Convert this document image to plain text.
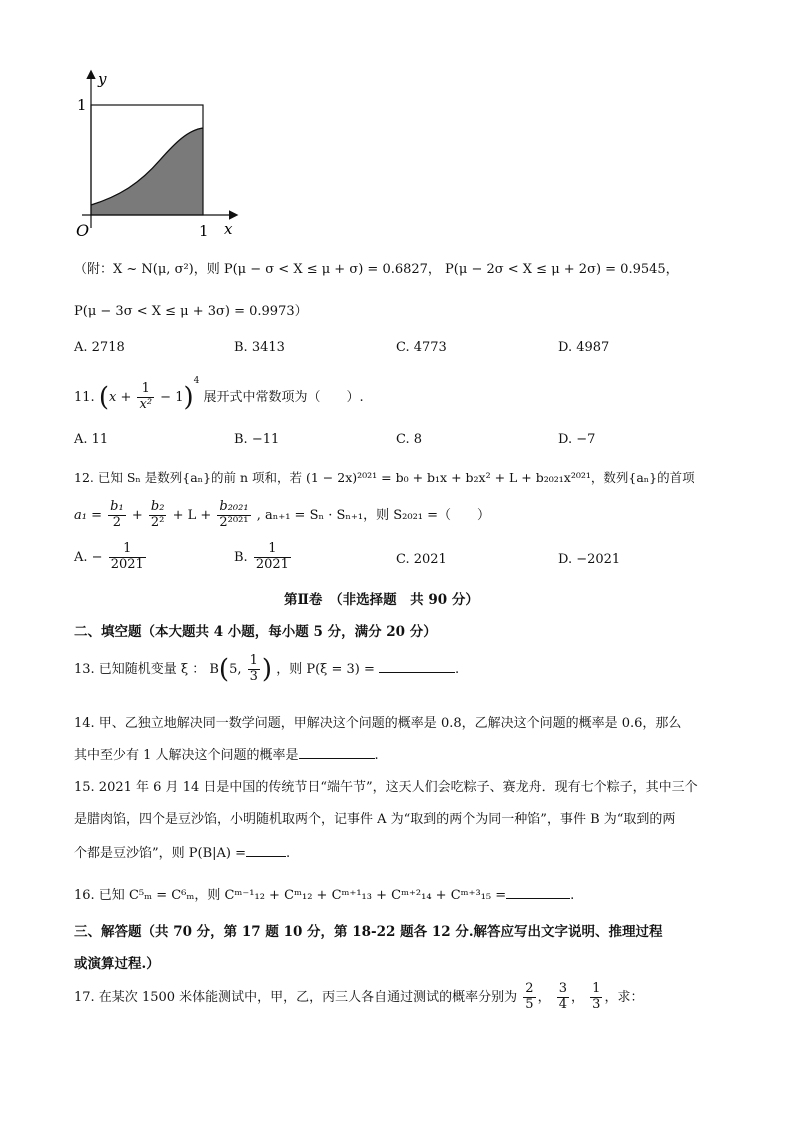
y
1
O	1 x
（附：X ~ N(μ, σ²)，则 P(μ − σ < X ≤ μ + σ) = 0.6827， P(μ − 2σ < X ≤ μ + 2σ) = 0.9545，
P(μ − 3σ < X ≤ μ + 3σ) = 0.9973）
A. 2718	B. 3413	C. 4773	D. 4987
11. $(x + \frac{1}{\text{x²}} - 1)^4$ 展开式中常数项为（　　）.
A. 11	B. −11	C. 8	D. −7
12. 已知 Sₙ 是数列{aₙ}的前 n 项和，若 (1 − 2x)²⁰²¹ = b₀ + b₁x + b₂x² + L + b₂₀₂₁x²⁰²¹，数列{aₙ}的首项
$a_1 = \frac{\text{b₁}}{2} + \frac{\text{b₂}}{\text{2²}} + L + \frac{\text{b₂₀₂₁}}{\text{2²⁰²¹}}$ , aₙ₊₁ = Sₙ · Sₙ₊₁，则 S₂₀₂₁ =（　　）
A. − $\frac{1}{2021}$	B. $\frac{1}{2021}$	C. 2021	D. −2021
第Ⅱ卷　（非选择题　共 90 分）
二、填空题（本大题共 4 小题，每小题 5 分，满分 20 分）
13. 已知随机变量 ξ ： B(5, $\frac{1}{3}$ ) ，则 P(ξ = 3) =	.
14. 甲、乙独立地解决同一数学问题，甲解决这个问题的概率是 0.8，乙解决这个问题的概率是 0.6，那么
其中至少有 1 人解决这个问题的概率是	.
15. 2021 年 6 月 14 日是中国的传统节日“端午节”，这天人们会吃粽子、赛龙舟．现有七个粽子，其中三个
是腊肉馅，四个是豆沙馅，小明随机取两个，记事件 A 为“取到的两个为同一种馅”，事件 B 为“取到的两
个都是豆沙馅”，则 P(B|A) =	.
16. 已知 C⁵ₘ = C⁶ₘ，则 Cᵐ⁻¹₁₂ + Cᵐ₁₂ + Cᵐ⁺¹₁₃ + Cᵐ⁺²₁₄ + Cᵐ⁺³₁₅ =	.
三、解答题（共 70 分，第 17 题 10 分，第 18-22 题各 12 分.解答应写出文字说明、推理过程
或演算过程.）
17. 在某次 1500 米体能测试中，甲，乙，丙三人各自通过测试的概率分别为 $\frac{2}{5}$ ， $\frac{3}{4}$ ， $\frac{1}{3}$ ，求：
